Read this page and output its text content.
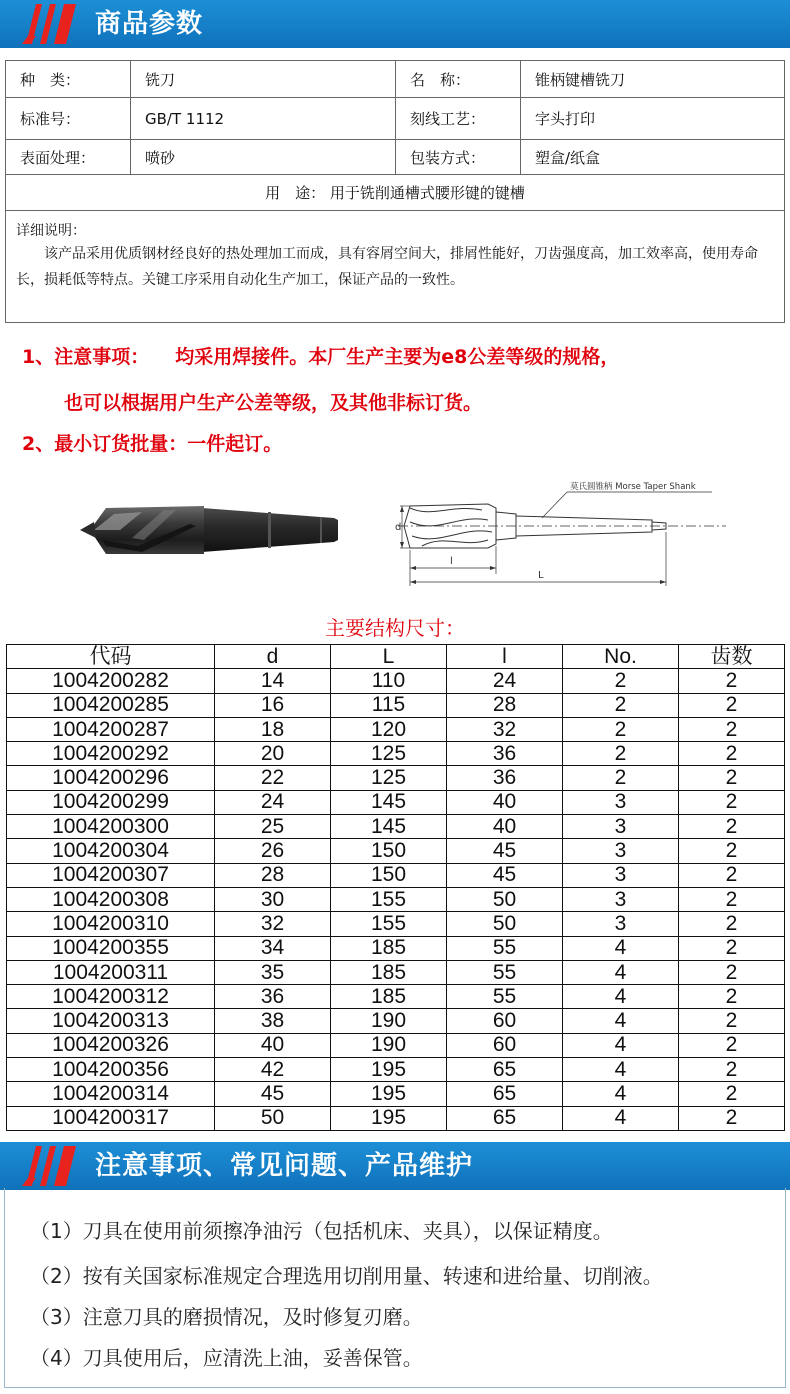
商品参数
种　类：	铣刀	名　称：	锥柄键槽铣刀
标准号：	GB/T 1112	刻线工艺：	字头打印
表面处理：	喷砂	包装方式：	塑盒/纸盒
用　途： 用于铣削通槽式腰形键的键槽			

详细说明：
该产品采用优质钢材经良好的热处理加工而成，具有容屑空间大，排屑性能好，刀齿强度高，加工效率高，使用寿命长，损耗低等特点。关键工序采用自动化生产加工，保证产品的一致性。			
1、注意事项： 均采用焊接件。本厂生产主要为e8公差等级的规格，
也可以根据用户生产公差等级，及其他非标订货。
2、最小订货批量：一件起订。
莫氏圆锥柄 Morse Taper Shank
d
l
L
主要结构尺寸：
代码	d	L	l	No.	齿数
1004200282	14	110	24	2	2
1004200285	16	115	28	2	2
1004200287	18	120	32	2	2
1004200292	20	125	36	2	2
1004200296	22	125	36	2	2
1004200299	24	145	40	3	2
1004200300	25	145	40	3	2
1004200304	26	150	45	3	2
1004200307	28	150	45	3	2
1004200308	30	155	50	3	2
1004200310	32	155	50	3	2
1004200355	34	185	55	4	2
1004200311	35	185	55	4	2
1004200312	36	185	55	4	2
1004200313	38	190	60	4	2
1004200326	40	190	60	4	2
1004200356	42	195	65	4	2
1004200314	45	195	65	4	2
1004200317	50	195	65	4	2
注意事项、常见问题、产品维护
（1）刀具在使用前须擦净油污（包括机床、夹具），以保证精度。
（2）按有关国家标准规定合理选用切削用量、转速和进给量、切削液。
（3）注意刀具的磨损情况，及时修复刃磨。
（4）刀具使用后，应清洗上油，妥善保管。
